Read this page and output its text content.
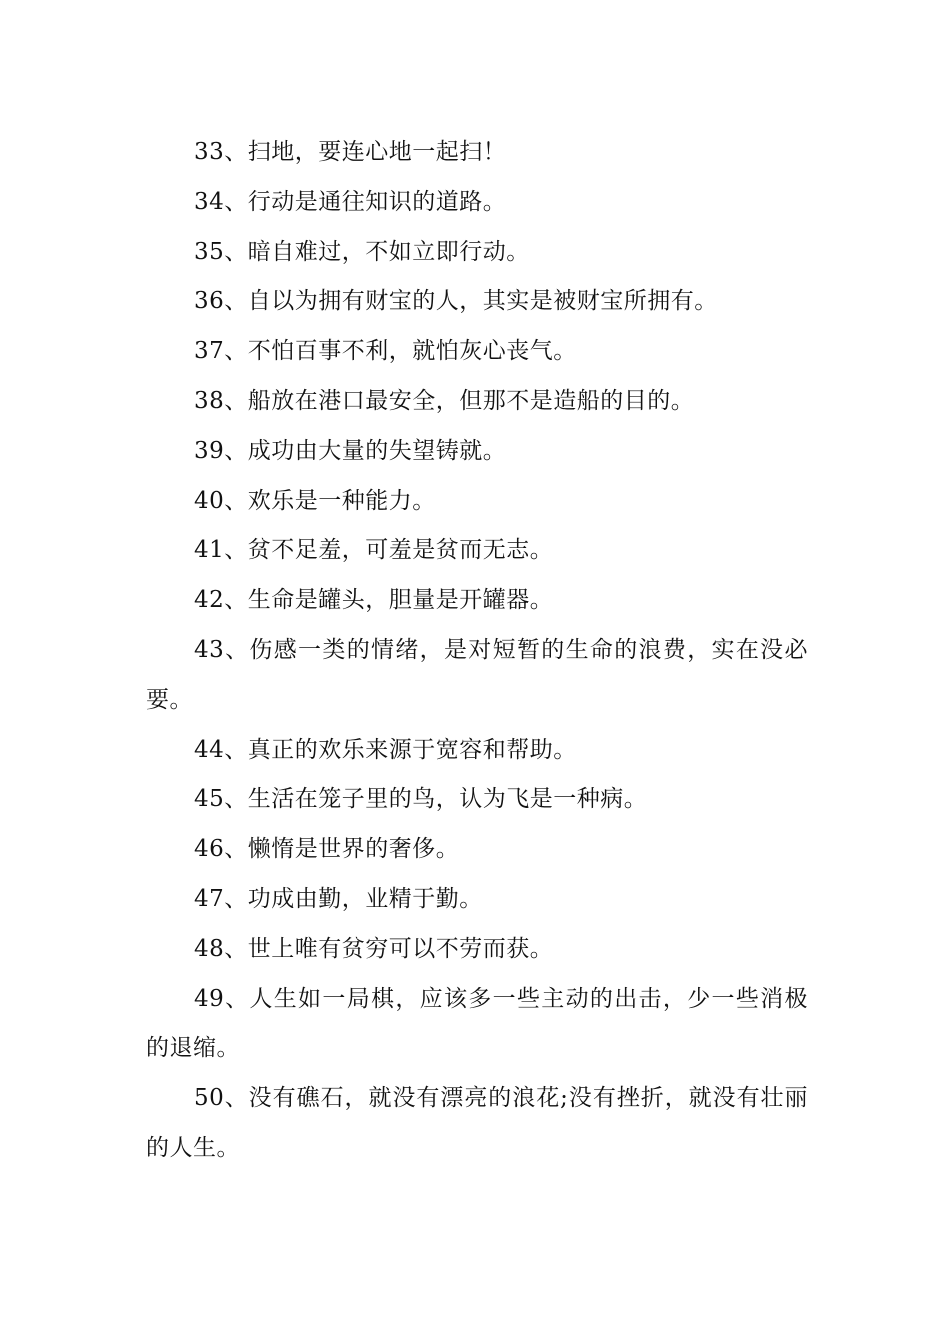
33、扫地，要连心地一起扫！

34、行动是通往知识的道路。

35、暗自难过，不如立即行动。

36、自以为拥有财宝的人，其实是被财宝所拥有。

37、不怕百事不利，就怕灰心丧气。

38、船放在港口最安全，但那不是造船的目的。

39、成功由大量的失望铸就。

40、欢乐是一种能力。

41、贫不足羞，可羞是贫而无志。

42、生命是罐头，胆量是开罐器。

43、伤感一类的情绪，是对短暂的生命的浪费，实在没必要。

44、真正的欢乐来源于宽容和帮助。

45、生活在笼子里的鸟，认为飞是一种病。

46、懒惰是世界的奢侈。

47、功成由勤，业精于勤。

48、世上唯有贫穷可以不劳而获。

49、人生如一局棋，应该多一些主动的出击，少一些消极的退缩。

50、没有礁石，就没有漂亮的浪花;没有挫折，就没有壮丽的人生。
